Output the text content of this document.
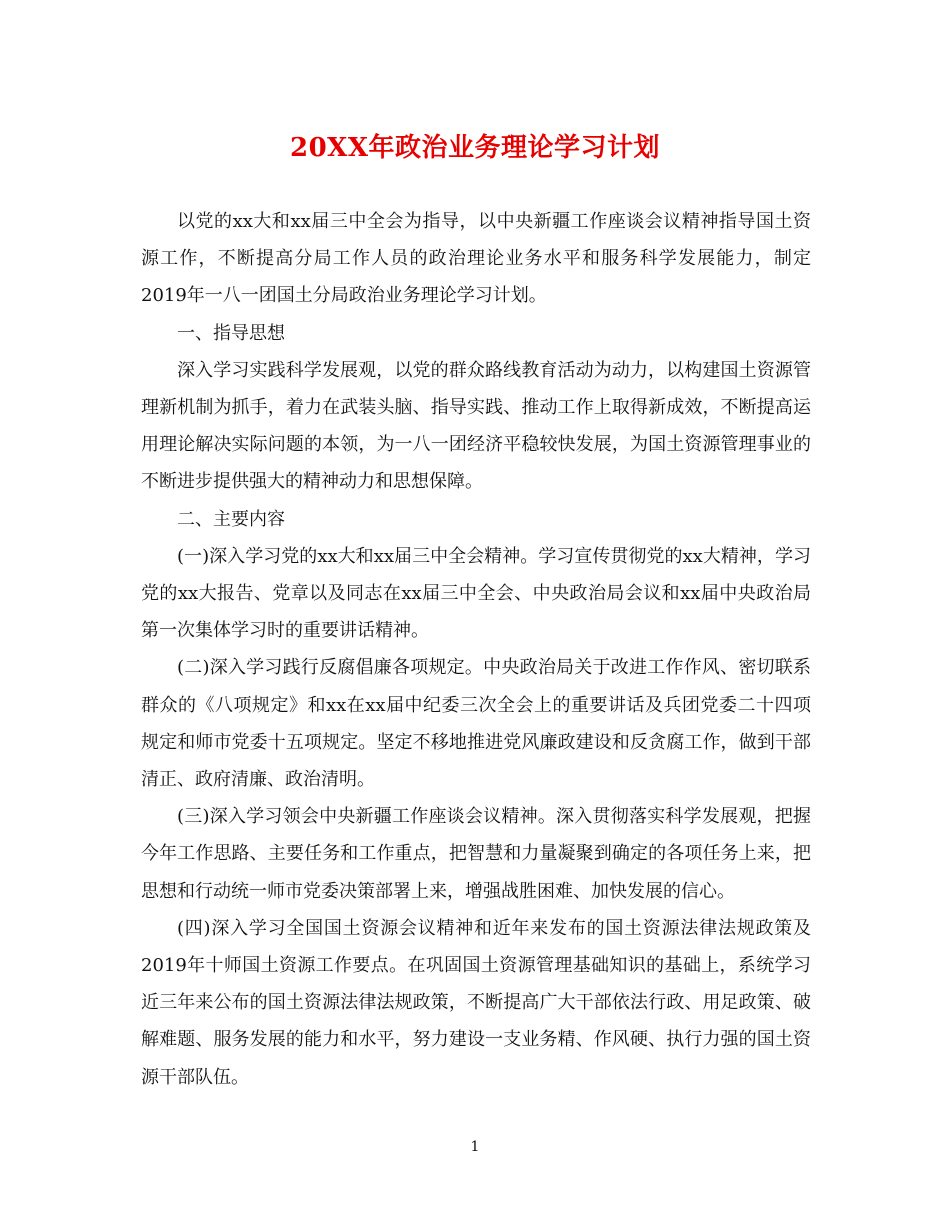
20XX年政治业务理论学习计划

以党的xx大和xx届三中全会为指导，以中央新疆工作座谈会议精神指导国土资源工作，不断提高分局工作人员的政治理论业务水平和服务科学发展能力，制定2019年一八一团国土分局政治业务理论学习计划。

一、指导思想

深入学习实践科学发展观，以党的群众路线教育活动为动力，以构建国土资源管理新机制为抓手，着力在武装头脑、指导实践、推动工作上取得新成效，不断提高运用理论解决实际问题的本领，为一八一团经济平稳较快发展，为国土资源管理事业的不断进步提供强大的精神动力和思想保障。

二、主要内容

(一)深入学习党的xx大和xx届三中全会精神。学习宣传贯彻党的xx大精神，学习党的xx大报告、党章以及同志在xx届三中全会、中央政治局会议和xx届中央政治局第一次集体学习时的重要讲话精神。

(二)深入学习践行反腐倡廉各项规定。中央政治局关于改进工作作风、密切联系群众的《八项规定》和xx在xx届中纪委三次全会上的重要讲话及兵团党委二十四项规定和师市党委十五项规定。坚定不移地推进党风廉政建设和反贪腐工作，做到干部清正、政府清廉、政治清明。

(三)深入学习领会中央新疆工作座谈会议精神。深入贯彻落实科学发展观，把握今年工作思路、主要任务和工作重点，把智慧和力量凝聚到确定的各项任务上来，把思想和行动统一师市党委决策部署上来，增强战胜困难、加快发展的信心。

(四)深入学习全国国土资源会议精神和近年来发布的国土资源法律法规政策及2019年十师国土资源工作要点。在巩固国土资源管理基础知识的基础上，系统学习近三年来公布的国土资源法律法规政策，不断提高广大干部依法行政、用足政策、破解难题、服务发展的能力和水平，努力建设一支业务精、作风硬、执行力强的国土资源干部队伍。

1
